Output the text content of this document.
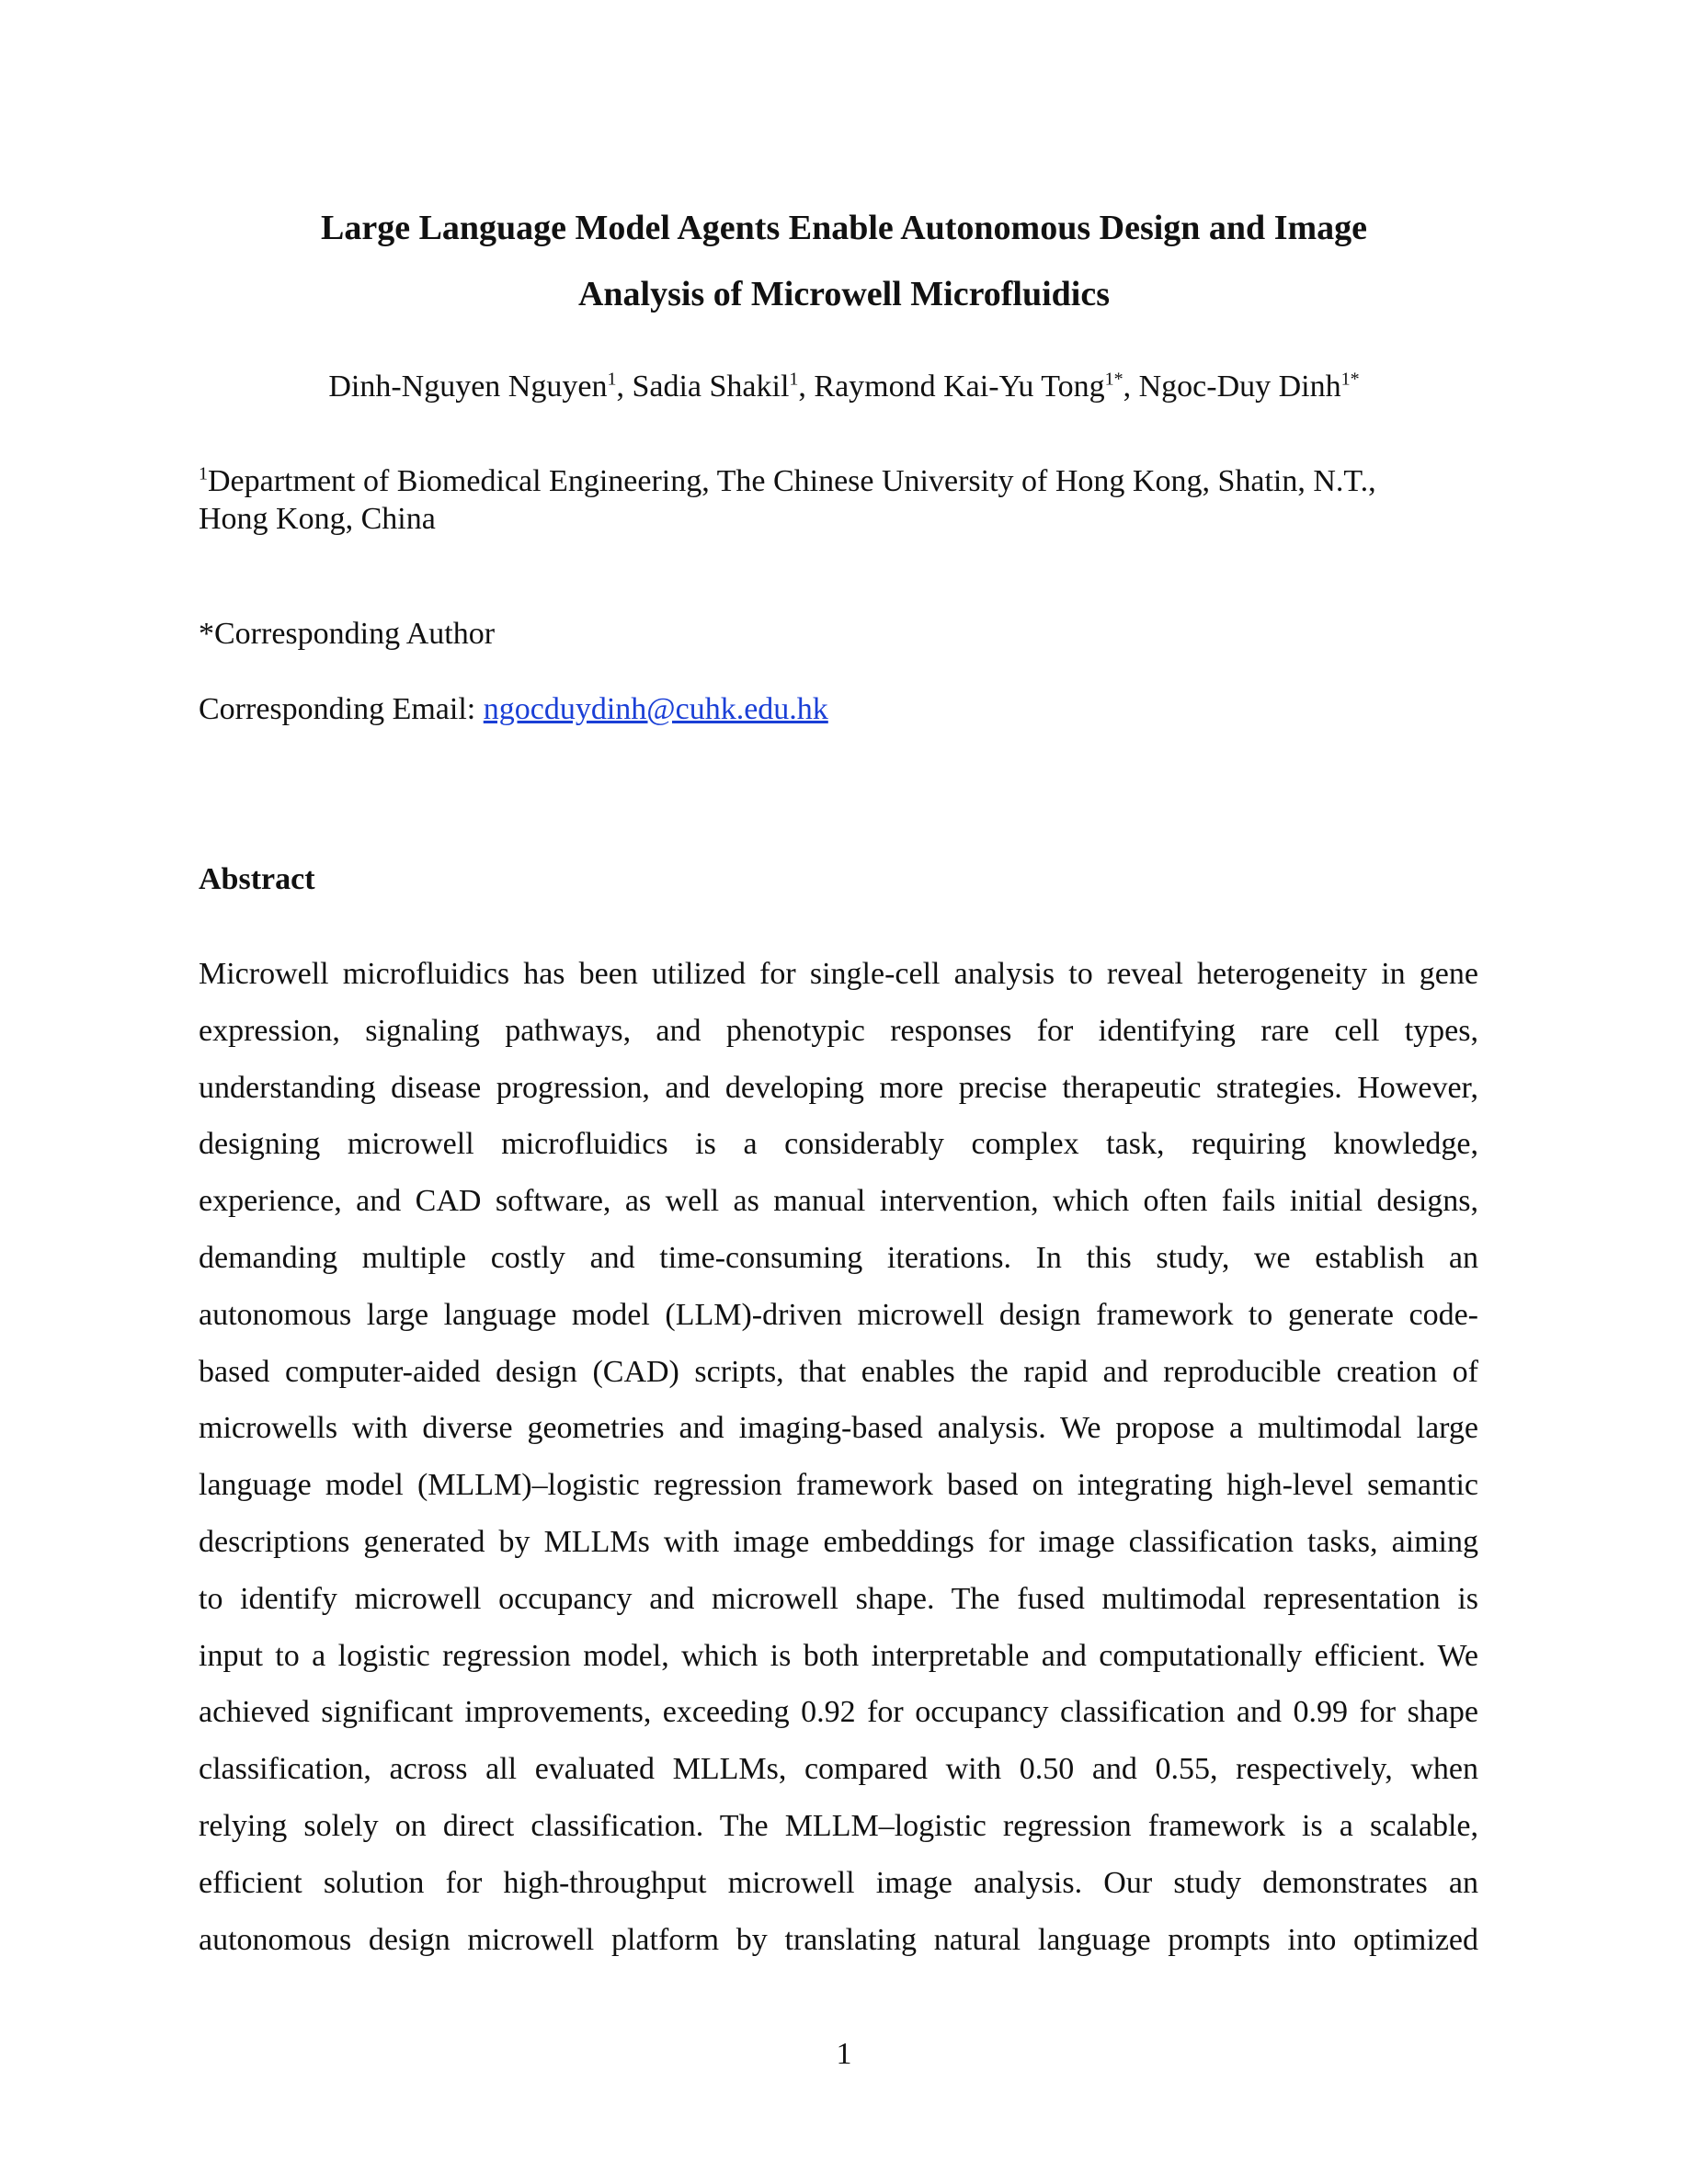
Large Language Model Agents Enable Autonomous Design and Image
Analysis of Microwell Microfluidics
Dinh-Nguyen Nguyen$^1$, Sadia Shakil$^1$, Raymond Kai-Yu Tong$^{1*}$, Ngoc-Duy Dinh$^{1*}$
$^1$Department of Biomedical Engineering, The Chinese University of Hong Kong, Shatin, N.T.,
Hong Kong, China
*Corresponding Author
Corresponding Email: ngocduydinh@cuhk.edu.hk
Abstract
Microwell microfluidics has been utilized for single-cell analysis to reveal heterogeneity in gene
expression, signaling pathways, and phenotypic responses for identifying rare cell types,
understanding disease progression, and developing more precise therapeutic strategies. However,
designing microwell microfluidics is a considerably complex task, requiring knowledge,
experience, and CAD software, as well as manual intervention, which often fails initial designs,
demanding multiple costly and time-consuming iterations. In this study, we establish an
autonomous large language model (LLM)-driven microwell design framework to generate code-
based computer-aided design (CAD) scripts, that enables the rapid and reproducible creation of
microwells with diverse geometries and imaging-based analysis. We propose a multimodal large
language model (MLLM)–logistic regression framework based on integrating high-level semantic
descriptions generated by MLLMs with image embeddings for image classification tasks, aiming
to identify microwell occupancy and microwell shape. The fused multimodal representation is
input to a logistic regression model, which is both interpretable and computationally efficient. We
achieved significant improvements, exceeding 0.92 for occupancy classification and 0.99 for shape
classification, across all evaluated MLLMs, compared with 0.50 and 0.55, respectively, when
relying solely on direct classification. The MLLM–logistic regression framework is a scalable,
efficient solution for high-throughput microwell image analysis. Our study demonstrates an
autonomous design microwell platform by translating natural language prompts into optimized
1
